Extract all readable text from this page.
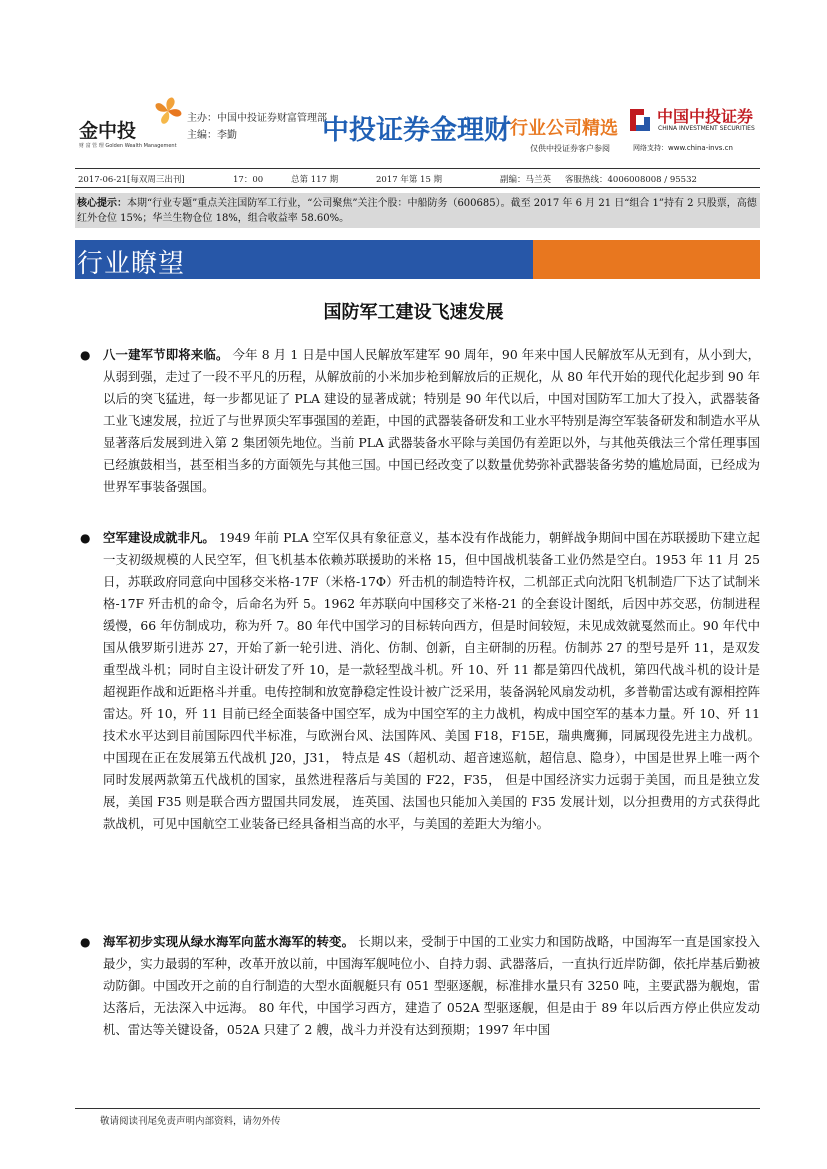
金中投
财 富 管 理 Golden Wealth Management
主办：中国中投证券财富管理部
主编：李勤	中投证券金理财 行业公司精选
仅供中投证券客户参阅
中国中投证券
CHINA INVESTMENT SECURITIES
网络支持：www.china-invs.cn
2017-06-21[每双周三出刊]	17：00	总第 117 期	2017 年第 15 期	副编：马兰英 客服热线：4006008008 / 95532
核心提示：本期“行业专题”重点关注国防军工行业，“公司聚焦”关注个股：中船防务（600685）。截至 2017 年 6 月 21 日“组合 1”持有 2 只股票，高德红外仓位 15%；华兰生物仓位 18%，组合收益率 58.60%。
行业瞭望
国防军工建设飞速发展
● 八一建军节即将来临。 今年 8 月 1 日是中国人民解放军建军 90 周年，90 年来中国人民解放军从无到有，从小到大，从弱到强，走过了一段不平凡的历程，从解放前的小米加步枪到解放后的正规化，从 80 年代开始的现代化起步到 90 年以后的突飞猛进，每一步都见证了 PLA 建设的显著成就；特别是 90 年代以后，中国对国防军工加大了投入，武器装备工业飞速发展，拉近了与世界顶尖军事强国的差距，中国的武器装备研发和工业水平特别是海空军装备研发和制造水平从显著落后发展到进入第 2 集团领先地位。当前 PLA 武器装备水平除与美国仍有差距以外，与其他英俄法三个常任理事国已经旗鼓相当，甚至相当多的方面领先与其他三国。中国已经改变了以数量优势弥补武器装备劣势的尴尬局面，已经成为世界军事装备强国。
● 空军建设成就非凡。 1949 年前 PLA 空军仅具有象征意义，基本没有作战能力，朝鲜战争期间中国在苏联援助下建立起一支初级规模的人民空军，但飞机基本依赖苏联援助的米格 15，但中国战机装备工业仍然是空白。1953 年 11 月 25 日，苏联政府同意向中国移交米格-17F（米格-17Φ）歼击机的制造特许权，二机部正式向沈阳飞机制造厂下达了试制米格-17F 歼击机的命令，后命名为歼 5。1962 年苏联向中国移交了米格-21 的全套设计图纸，后因中苏交恶，仿制进程缓慢，66 年仿制成功，称为歼 7。80 年代中国学习的目标转向西方，但是时间较短，未见成效就戛然而止。90 年代中国从俄罗斯引进苏 27，开始了新一轮引进、消化、仿制、创新，自主研制的历程。仿制苏 27 的型号是歼 11，是双发重型战斗机；同时自主设计研发了歼 10，是一款轻型战斗机。歼 10、歼 11 都是第四代战机，第四代战斗机的设计是超视距作战和近距格斗并重。电传控制和放宽静稳定性设计被广泛采用，装备涡轮风扇发动机，多普勒雷达或有源相控阵雷达。歼 10，歼 11 目前已经全面装备中国空军，成为中国空军的主力战机，构成中国空军的基本力量。歼 10、歼 11 技术水平达到目前国际四代半标准，与欧洲台风、法国阵风、美国 F18，F15E，瑞典鹰狮，同属现役先进主力战机。 中国现在正在发展第五代战机 J20，J31， 特点是 4S（超机动、超音速巡航，超信息、隐身），中国是世界上唯一两个同时发展两款第五代战机的国家，虽然进程落后与美国的 F22，F35， 但是中国经济实力远弱于美国，而且是独立发展，美国 F35 则是联合西方盟国共同发展， 连英国、法国也只能加入美国的 F35 发展计划，以分担费用的方式获得此款战机，可见中国航空工业装备已经具备相当高的水平，与美国的差距大为缩小。
● 海军初步实现从绿水海军向蓝水海军的转变。 长期以来，受制于中国的工业实力和国防战略，中国海军一直是国家投入最少，实力最弱的军种，改革开放以前，中国海军舰吨位小、自持力弱、武器落后，一直执行近岸防御，依托岸基后勤被动防御。中国改开之前的自行制造的大型水面舰艇只有 051 型驱逐舰，标准排水量只有 3250 吨，主要武器为舰炮，雷达落后，无法深入中远海。 80 年代，中国学习西方，建造了 052A 型驱逐舰，但是由于 89 年以后西方停止供应发动机、雷达等关键设备，052A 只建了 2 艘，战斗力并没有达到预期；1997 年中国
敬请阅读刊尾免责声明内部资料，请勿外传
